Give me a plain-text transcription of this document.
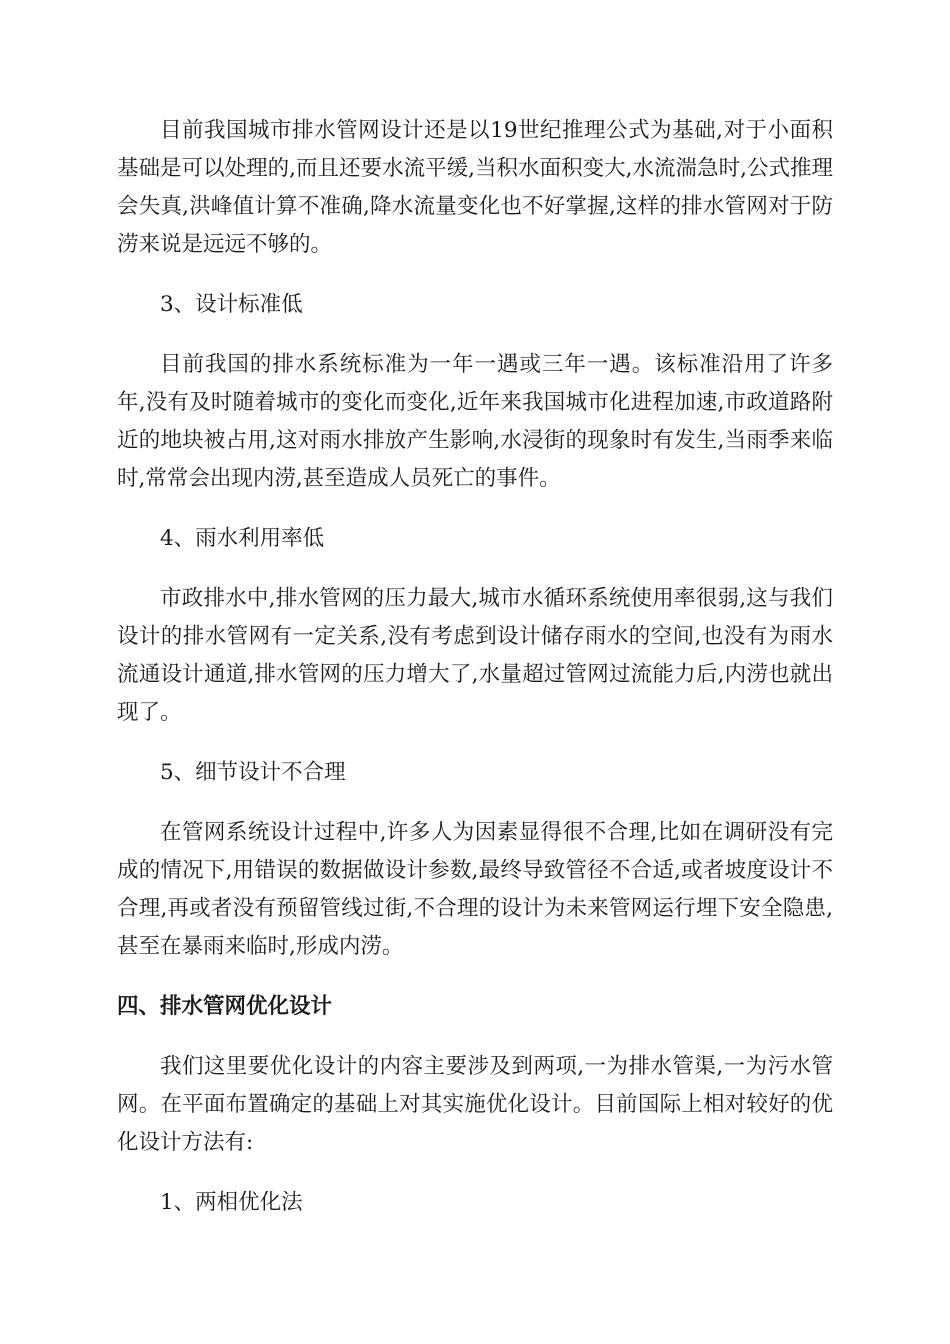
目前我国城市排水管网设计还是以19世纪推理公式为基础,对于小面积基础是可以处理的,而且还要水流平缓,当积水面积变大,水流湍急时,公式推理会失真,洪峰值计算不准确,降水流量变化也不好掌握,这样的排水管网对于防涝来说是远远不够的。

3、设计标准低

目前我国的排水系统标准为一年一遇或三年一遇。该标准沿用了许多年,没有及时随着城市的变化而变化,近年来我国城市化进程加速,市政道路附近的地块被占用,这对雨水排放产生影响,水浸街的现象时有发生,当雨季来临时,常常会出现内涝,甚至造成人员死亡的事件。

4、雨水利用率低

市政排水中,排水管网的压力最大,城市水循环系统使用率很弱,这与我们设计的排水管网有一定关系,没有考虑到设计储存雨水的空间,也没有为雨水流通设计通道,排水管网的压力增大了,水量超过管网过流能力后,内涝也就出现了。

5、细节设计不合理

在管网系统设计过程中,许多人为因素显得很不合理,比如在调研没有完成的情况下,用错误的数据做设计参数,最终导致管径不合适,或者坡度设计不合理,再或者没有预留管线过街,不合理的设计为未来管网运行埋下安全隐患,甚至在暴雨来临时,形成内涝。

四、排水管网优化设计

我们这里要优化设计的内容主要涉及到两项,一为排水管渠,一为污水管网。在平面布置确定的基础上对其实施优化设计。目前国际上相对较好的优化设计方法有:

1、两相优化法
